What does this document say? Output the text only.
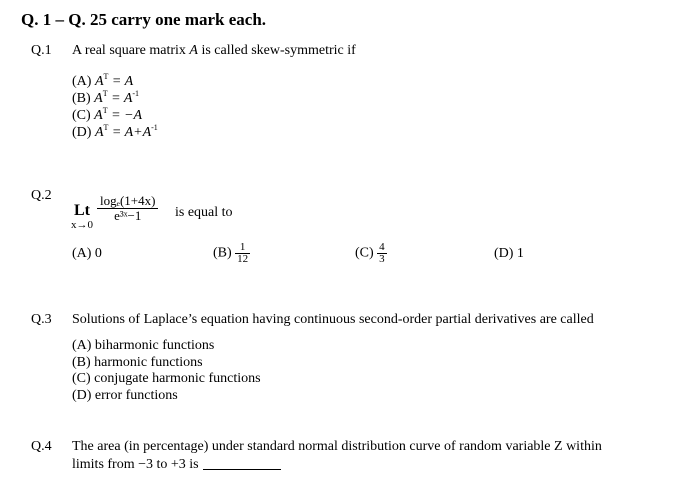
Q. 1 – Q. 25 carry one mark each.
Q.1 A real square matrix A is called skew-symmetric if
(A) $A^T = A$
(B) $A^T = A^{-1}$
(C) $A^T = -A$
(D) $A^T = A+A^{-1}$
Q.2
Lt
x→0
$\frac{\text{logₑ(1+4x)}}{\text{e³ˣ−1}}$ is equal to
(A) 0	$(B) \frac{1}{12}$	$(C) \frac{4}{3}$	(D) 1
Q.3 Solutions of Laplace’s equation having continuous second-order partial derivatives are called
(A) biharmonic functions
(B) harmonic functions
(C) conjugate harmonic functions
(D) error functions
Q.4 The area (in percentage) under standard normal distribution curve of random variable Z within
limits from −3 to +3 is
